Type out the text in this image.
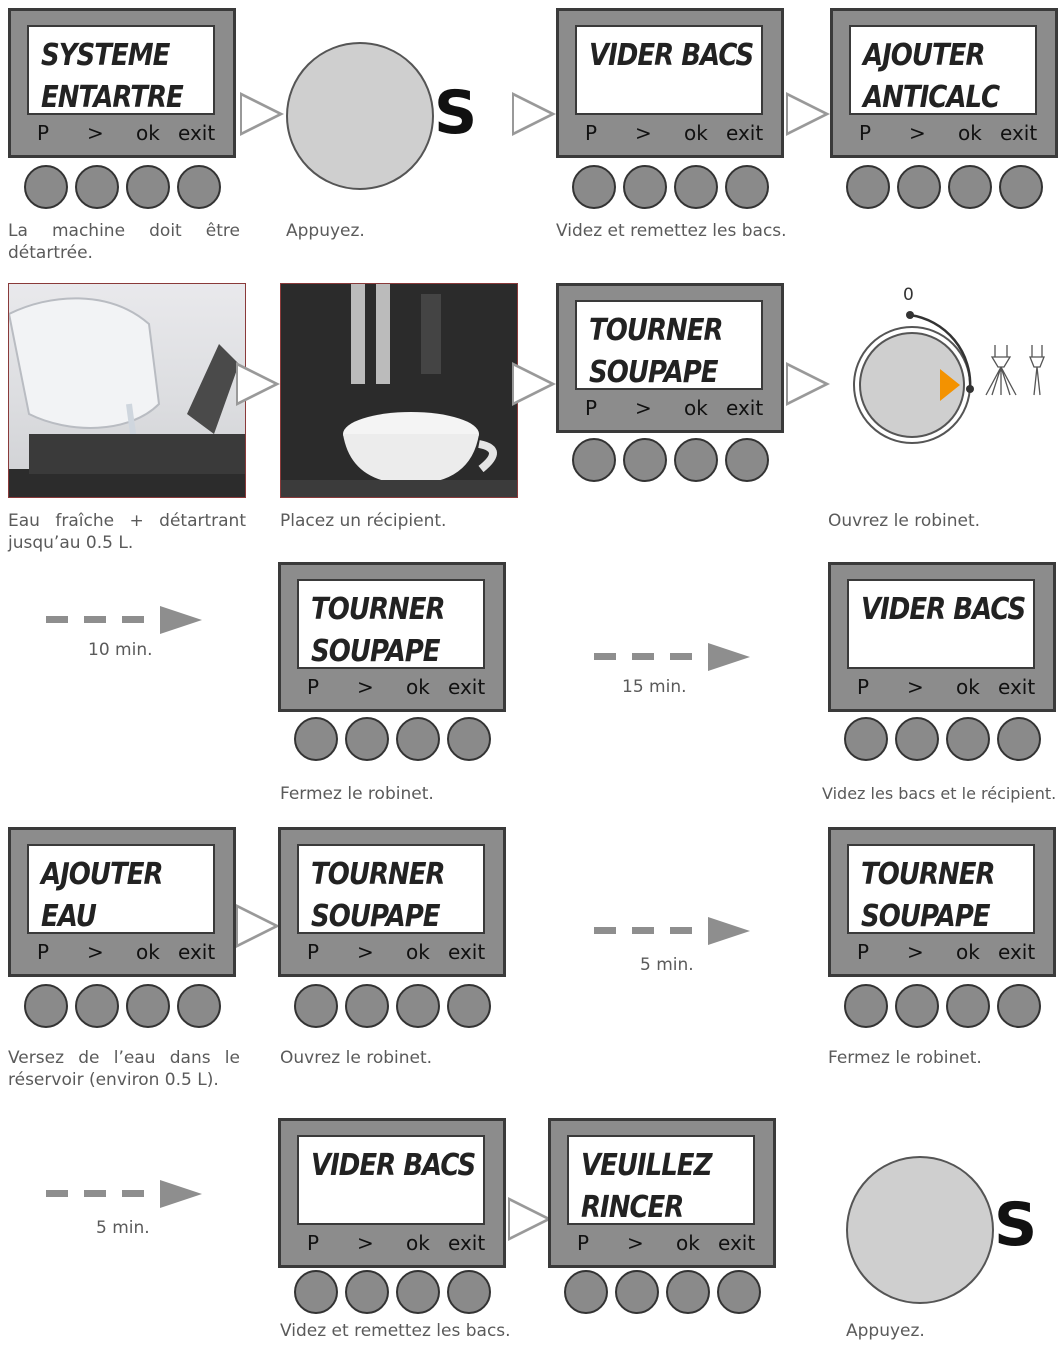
SYSTEME
ENTARTRE
P > ok exit
La machine doit être détartrée.
S
Appuyez.
VIDER BACS
P > ok exit
Videz et remettez les bacs.
AJOUTER
ANTICALC
P > ok exit
Eau fraîche + détartrant jusqu’au 0.5 L.
Placez un récipient.
TOURNER
SOUPAPE
P > ok exit
0
Ouvrez le robinet.
10 min.
TOURNER
SOUPAPE
P > ok exit
Fermez le robinet.
15 min.
VIDER BACS
P > ok exit
Videz les bacs et le récipient.
AJOUTER
EAU
P > ok exit
Versez de l’eau dans le réservoir (environ 0.5 L).
TOURNER
SOUPAPE
P > ok exit
Ouvrez le robinet.
5 min.
TOURNER
SOUPAPE
P > ok exit
Fermez le robinet.
5 min.
VIDER BACS
P > ok exit
Videz et remettez les bacs.
VEUILLEZ
RINCER
P > ok exit	S
Appuyez.
